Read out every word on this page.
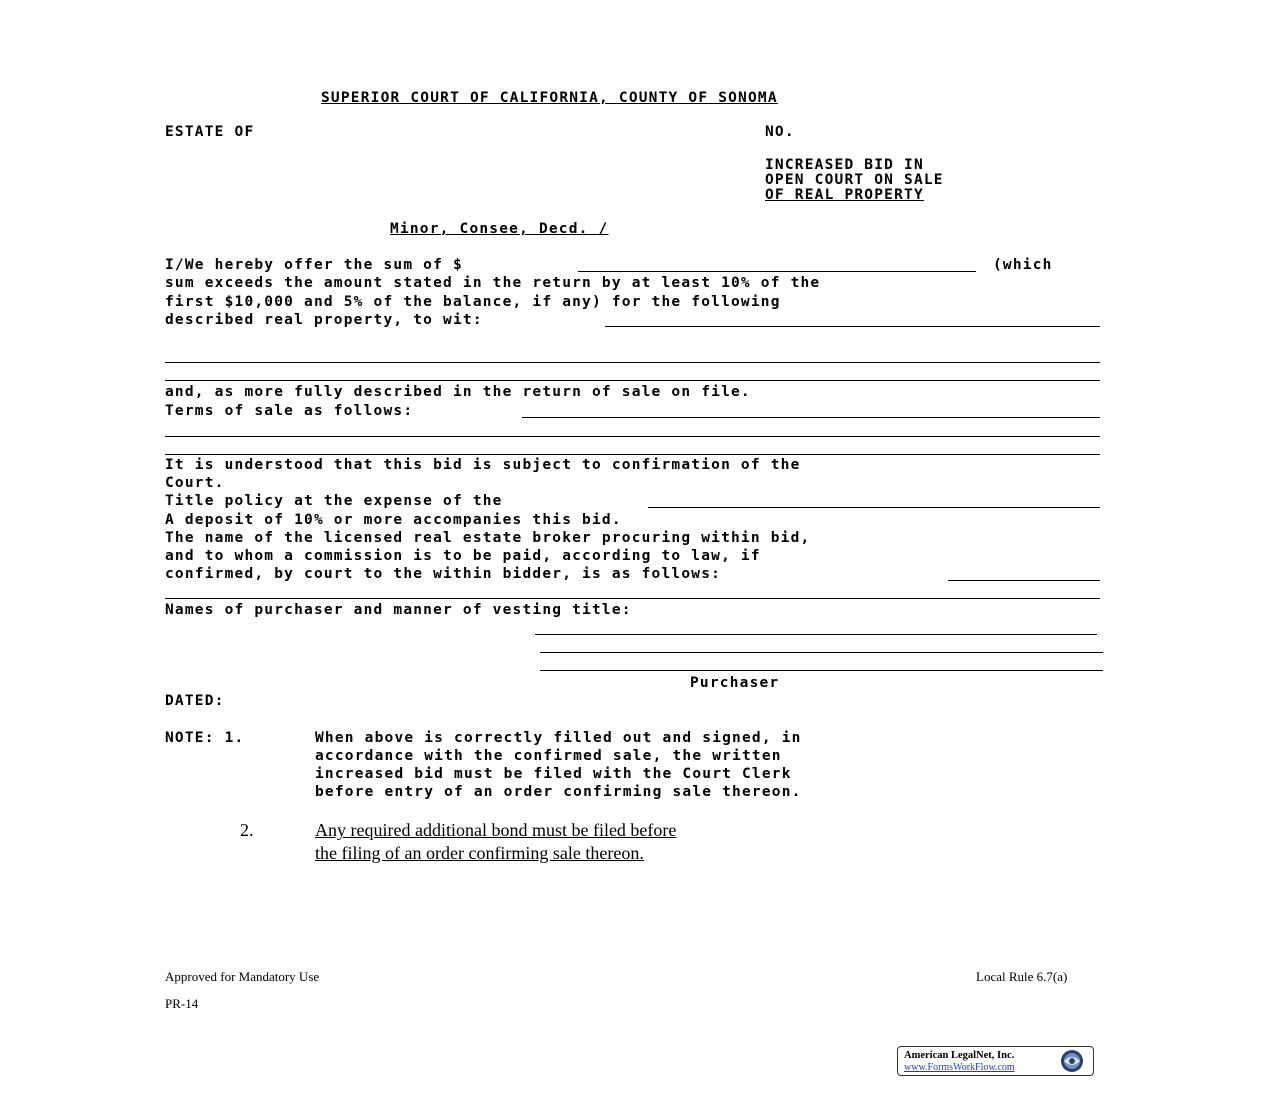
SUPERIOR COURT OF CALIFORNIA, COUNTY OF SONOMA
ESTATE OF	NO.
INCREASED BID IN
OPEN COURT ON SALE
OF REAL PROPERTY
Minor, Consee, Decd. /
I/We hereby offer the sum of $	(which
sum exceeds the amount stated in the return by at least 10% of the
first $10,000 and 5% of the balance, if any) for the following
described real property, to wit:
and, as more fully described in the return of sale on file.
Terms of sale as follows:
It is understood that this bid is subject to confirmation of the
Court.
Title policy at the expense of the
A deposit of 10% or more accompanies this bid.
The name of the licensed real estate broker procuring within bid,
and to whom a commission is to be paid, according to law, if
confirmed, by court to the within bidder, is as follows:
Names of purchaser and manner of vesting title:
Purchaser
DATED:
NOTE: 1.	When above is correctly filled out and signed, in
accordance with the confirmed sale, the written
increased bid must be filed with the Court Clerk
before entry of an order confirming sale thereon.
2.	Any required additional bond must be filed before
the filing of an order confirming sale thereon.
Approved for Mandatory Use	Local Rule 6.7(a)
PR-14
American LegalNet, Inc.
www.FormsWorkFlow.com
